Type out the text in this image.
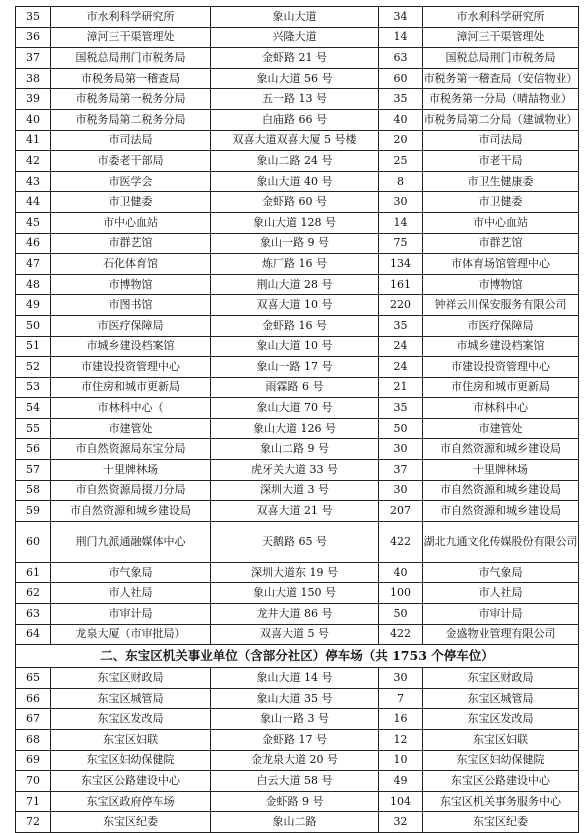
35	市水利科学研究所	象山大道	34	市水利科学研究所
36	漳河三干渠管理处	兴隆大道	14	漳河三干渠管理处
37	国税总局荆门市税务局	金虾路 21 号	63	国税总局荆门市税务局
38	市税务局第一稽查局	象山大道 56 号	60	市税务第一稽查局（安信物业）
39	市税务局第一税务分局	五一路 13 号	35	市税务第一分局（晴喆物业）
40	市税务局第二税务分局	白庙路 66 号	40	市税务局第二分局（建诚物业）
41	市司法局	双喜大道双喜大厦 5 号楼	20	市司法局
42	市委老干部局	象山二路 24 号	25	市老干局
43	市医学会	象山大道 40 号	8	市卫生健康委
44	市卫健委	金虾路 60 号	30	市卫健委
45	市中心血站	象山大道 128 号	14	市中心血站
46	市群艺馆	象山一路 9 号	75	市群艺馆
47	石化体育馆	炼厂路 16 号	134	市体育场馆管理中心
48	市博物馆	荆山大道 28 号	161	市博物馆
49	市图书馆	双喜大道 10 号	220	钟祥云川保安服务有限公司
50	市医疗保障局	金虾路 16 号	35	市医疗保障局
51	市城乡建设档案馆	象山大道 10 号	24	市城乡建设档案馆
52	市建设投资管理中心	象山一路 17 号	24	市建设投资管理中心
53	市住房和城市更新局	雨霖路 6 号	21	市住房和城市更新局
54	市林科中心（	象山大道 70 号	35	市林科中心
55	市建管处	象山大道 126 号	50	市建管处
56	市自然资源局东宝分局	象山二路 9 号	30	市自然资源和城乡建设局
57	十里牌林场	虎牙关大道 33 号	37	十里牌林场
58	市自然资源局掇刀分局	深圳大道 3 号	30	市自然资源和城乡建设局
59	市自然资源和城乡建设局	双喜大道 21 号	207	市自然资源和城乡建设局
60	荆门九派通融媒体中心	天鹅路 65 号	422	湖北九通文化传媒股份有限公司
61	市气象局	深圳大道东 19 号	40	市气象局
62	市人社局	象山大道 150 号	100	市人社局
63	市审计局	龙井大道 86 号	50	市审计局
64	龙泉大厦（市审批局）	双喜大道 5 号	422	金盛物业管理有限公司
二、东宝区机关事业单位（含部分社区）停车场（共 1753 个停车位）				
65	东宝区财政局	象山大道 14 号	30	东宝区财政局
66	东宝区城管局	象山大道 35 号	7	东宝区城管局
67	东宝区发改局	象山一路 3 号	16	东宝区发改局
68	东宝区妇联	金虾路 17 号	12	东宝区妇联
69	东宝区妇幼保健院	金龙泉大道 20 号	10	东宝区妇幼保健院
70	东宝区公路建设中心	白云大道 58 号	49	东宝区公路建设中心
71	东宝区政府停车场	金虾路 9 号	104	东宝区机关事务服务中心
72	东宝区纪委	象山二路	32	东宝区纪委
